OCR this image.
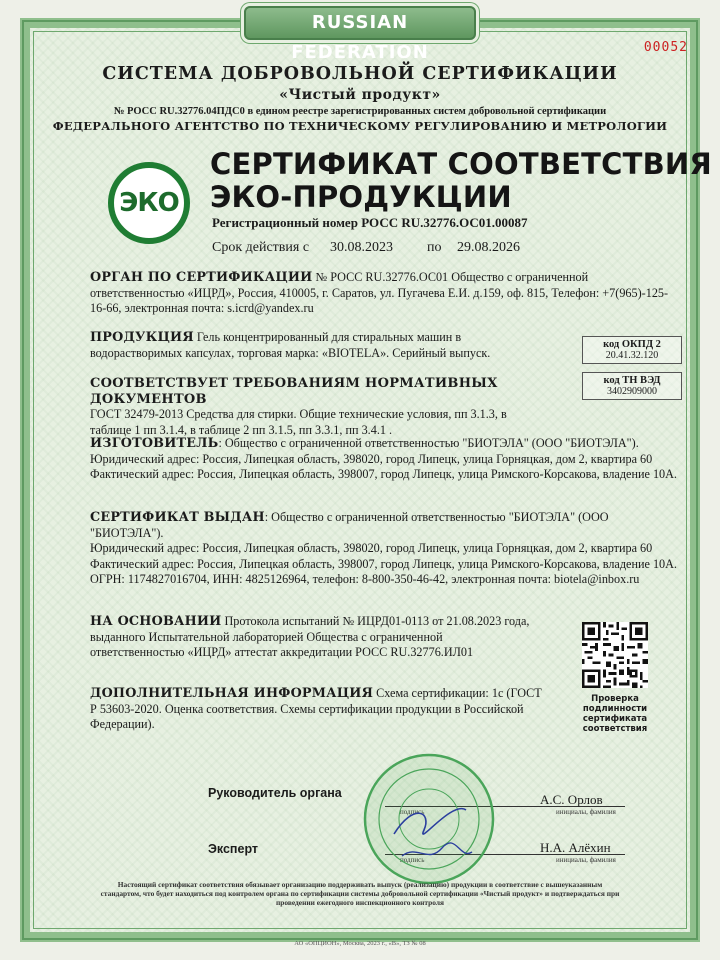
RUSSIAN FEDERATION	00052
СИСТЕМА ДОБРОВОЛЬНОЙ СЕРТИФИКАЦИИ
«Чистый продукт»
№ РОСС RU.32776.04ПДС0 в едином реестре зарегистрированных систем добровольной сертификации
ФЕДЕРАЛЬНОГО АГЕНТСТВО ПО ТЕХНИЧЕСКОМУ РЕГУЛИРОВАНИЮ И МЕТРОЛОГИИ
ЭКО
СЕРТИФИКАТ СООТВЕТСТВИЯ
ЭКО-ПРОДУКЦИИ
Регистрационный номер РОСС RU.32776.ОС01.00087
Срок действия с	30.08.2023	по	29.08.2026
ОРГАН ПО СЕРТИФИКАЦИИ № РОСС RU.32776.ОС01 Общество с ограниченной ответственностью «ИЦРД», Россия, 410005, г. Саратов, ул. Пугачева Е.И. д.159, оф. 815, Телефон: +7(965)-125-16-66, электронная почта: s.icrd@yandex.ru
ПРОДУКЦИЯ Гель концентрированный для стиральных машин в водорастворимых капсулах, торговая марка: «BIOTELA». Серийный выпуск.
код ОКПД 2
20.41.32.120
код ТН ВЭД
3402909000
СООТВЕТСТВУЕТ ТРЕБОВАНИЯМ НОРМАТИВНЫХ ДОКУМЕНТОВ
ГОСТ 32479-2013 Средства для стирки. Общие технические условия, пп 3.1.3, в таблице 1 пп 3.1.4, в таблице 2 пп 3.1.5, пп 3.3.1, пп 3.4.1 .
ИЗГОТОВИТЕЛЬ: Общество с ограниченной ответственностью "БИОТЭЛА" (ООО "БИОТЭЛА").
Юридический адрес: Россия, Липецкая область, 398020, город Липецк, улица Горняцкая, дом 2, квартира 60
Фактический адрес: Россия, Липецкая область, 398007, город Липецк, улица Римского-Корсакова, владение 10А.
СЕРТИФИКАТ ВЫДАН: Общество с ограниченной ответственностью "БИОТЭЛА" (ООО "БИОТЭЛА").
Юридический адрес: Россия, Липецкая область, 398020, город Липецк, улица Горняцкая, дом 2, квартира 60
Фактический адрес: Россия, Липецкая область, 398007, город Липецк, улица Римского-Корсакова, владение 10А. ОГРН: 1174827016704, ИНН: 4825126964, телефон: 8-800-350-46-42, электронная почта: biotela@inbox.ru
НА ОСНОВАНИИ Протокола испытаний № ИЦРД01-0113 от 21.08.2023 года, выданного Испытательной лабораторией Общества с ограниченной ответственностью «ИЦРД» аттестат аккредитации РОСС RU.32776.ИЛ01
ДОПОЛНИТЕЛЬНАЯ ИНФОРМАЦИЯ Схема сертификации: 1с (ГОСТ Р 53603-2020. Оценка соответствия. Схемы сертификации продукции в Российской Федерации).
Проверка подлинности сертификата соответствия
Руководитель органа
инициалы, фамилия
А.С. Орлов
Эксперт
инициалы, фамилия
Н.А. Алёхин
Настоящий сертификат соответствия обязывает организацию поддерживать выпуск (реализацию) продукции в соответствие с вышеуказанным стандартом, что будет находиться под контролем органа по сертификации системы добровольной сертификации «Чистый продукт» и подтверждаться при проведении ежегодного инспекционного контроля
АО «ОПЦИОН», Москва, 2023 г., «В», ТЗ № 08
